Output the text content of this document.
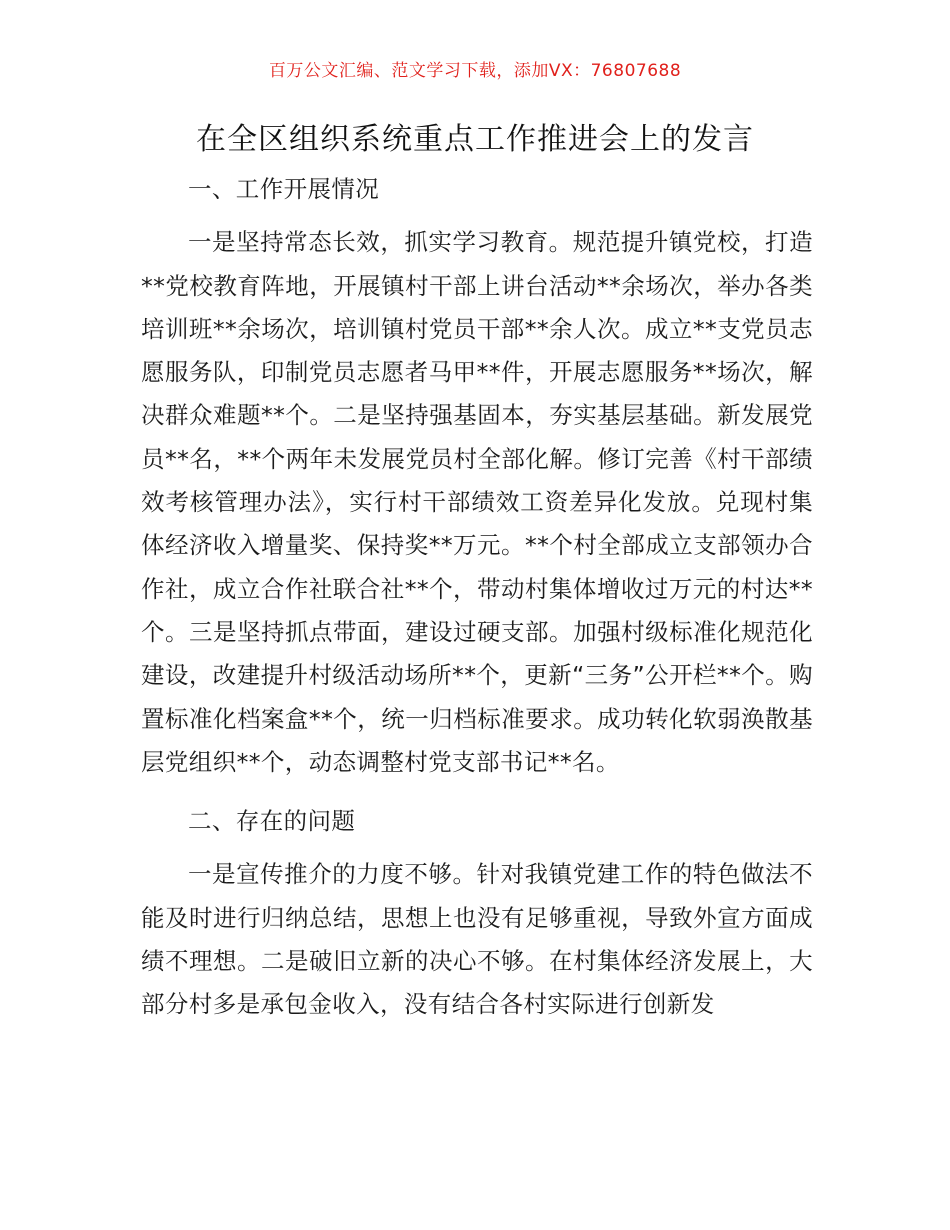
百万公文汇编、范文学习下载，添加VX：76807688
在全区组织系统重点工作推进会上的发言

一、工作开展情况

一是坚持常态长效，抓实学习教育。规范提升镇党校，打造**党校教育阵地，开展镇村干部上讲台活动**余场次，举办各类培训班**余场次，培训镇村党员干部**余人次。成立**支党员志愿服务队，印制党员志愿者马甲**件，开展志愿服务**场次，解决群众难题**个。二是坚持强基固本，夯实基层基础。新发展党员**名，**个两年未发展党员村全部化解。修订完善《村干部绩效考核管理办法》，实行村干部绩效工资差异化发放。兑现村集体经济收入增量奖、保持奖**万元。**个村全部成立支部领办合作社，成立合作社联合社**个，带动村集体增收过万元的村达**个。三是坚持抓点带面，建设过硬支部。加强村级标准化规范化建设，改建提升村级活动场所**个，更新“三务”公开栏**个。购置标准化档案盒**个，统一归档标准要求。成功转化软弱涣散基层党组织**个，动态调整村党支部书记**名。

二、存在的问题

一是宣传推介的力度不够。针对我镇党建工作的特色做法不能及时进行归纳总结，思想上也没有足够重视，导致外宣方面成绩不理想。二是破旧立新的决心不够。在村集体经济发展上，大部分村多是承包金收入，没有结合各村实际进行创新发
